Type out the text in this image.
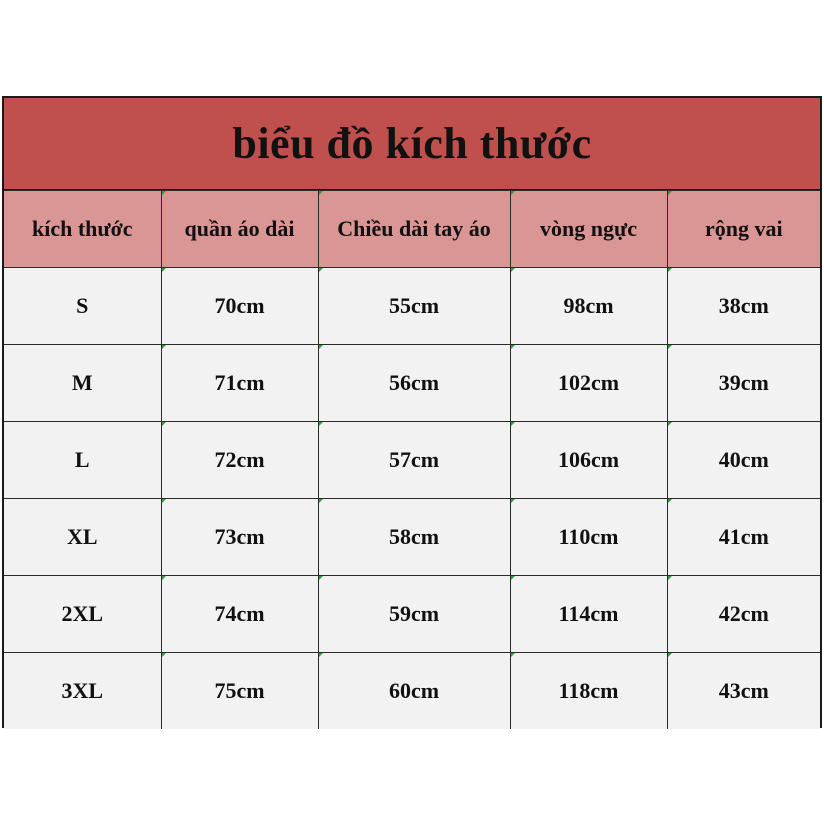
biểu đồ kích thước
kích thước	quần áo dài	Chiều dài tay áo	vòng ngực	rộng vai

S	70cm	55cm	98cm	38cm

M	71cm	56cm	102cm	39cm

L	72cm	57cm	106cm	40cm

XL	73cm	58cm	110cm	41cm

2XL	74cm	59cm	114cm	42cm

3XL	75cm	60cm	118cm	43cm
